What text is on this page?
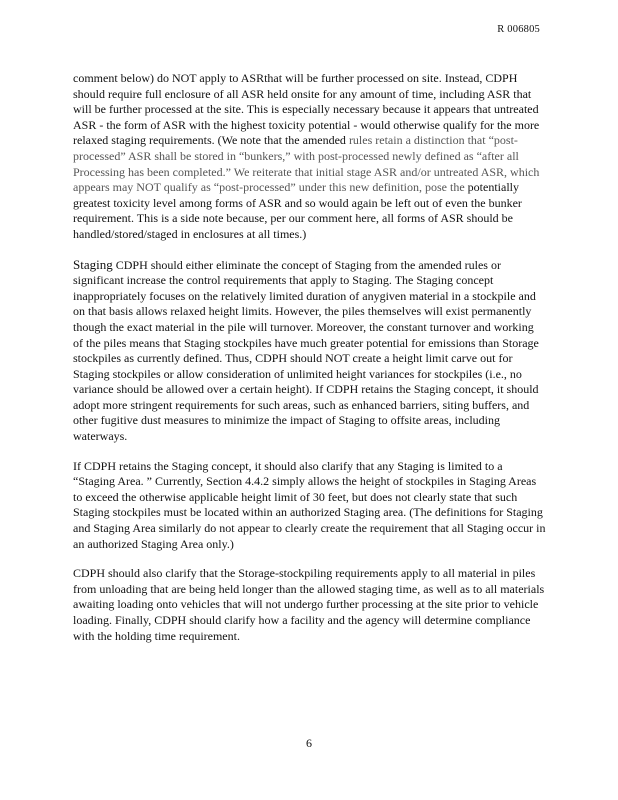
R 006805

comment below) do NOT apply to ASRthat will be further processed on site. Instead, CDPH should require full enclosure of all ASR held onsite for any amount of time, including ASR that will be further processed at the site. This is especially necessary because it appears that untreated ASR - the form of ASR with the highest toxicity potential - would otherwise qualify for the more relaxed staging requirements. (We note that the amended rules retain a distinction that “post-processed” ASR shall be stored in “bunkers,” with post-processed newly defined as “after all Processing has been completed.” We reiterate that initial stage ASR and/or untreated ASR, which appears may NOT qualify as “post-processed” under this new definition, pose the potentially greatest toxicity level among forms of ASR and so would again be left out of even the bunker requirement. This is a side note because, per our comment here, all forms of ASR should be handled/stored/staged in enclosures at all times.)

Staging CDPH should either eliminate the concept of Staging from the amended rules or significant increase the control requirements that apply to Staging. The Staging concept inappropriately focuses on the relatively limited duration of anygiven material in a stockpile and on that basis allows relaxed height limits. However, the piles themselves will exist permanently though the exact material in the pile will turnover. Moreover, the constant turnover and working of the piles means that Staging stockpiles have much greater potential for emissions than Storage stockpiles as currently defined. Thus, CDPH should NOT create a height limit carve out for Staging stockpiles or allow consideration of unlimited height variances for stockpiles (i.e., no variance should be allowed over a certain height). If CDPH retains the Staging concept, it should adopt more stringent requirements for such areas, such as enhanced barriers, siting buffers, and other fugitive dust measures to minimize the impact of Staging to offsite areas, including waterways.

If CDPH retains the Staging concept, it should also clarify that any Staging is limited to a “Staging Area. ” Currently, Section 4.4.2 simply allows the height of stockpiles in Staging Areas to exceed the otherwise applicable height limit of 30 feet, but does not clearly state that such Staging stockpiles must be located within an authorized Staging area. (The definitions for Staging and Staging Area similarly do not appear to clearly create the requirement that all Staging occur in an authorized Staging Area only.)

CDPH should also clarify that the Storage-stockpiling requirements apply to all material in piles from unloading that are being held longer than the allowed staging time, as well as to all materials awaiting loading onto vehicles that will not undergo further processing at the site prior to vehicle loading. Finally, CDPH should clarify how a facility and the agency will determine compliance with the holding time requirement.

6
